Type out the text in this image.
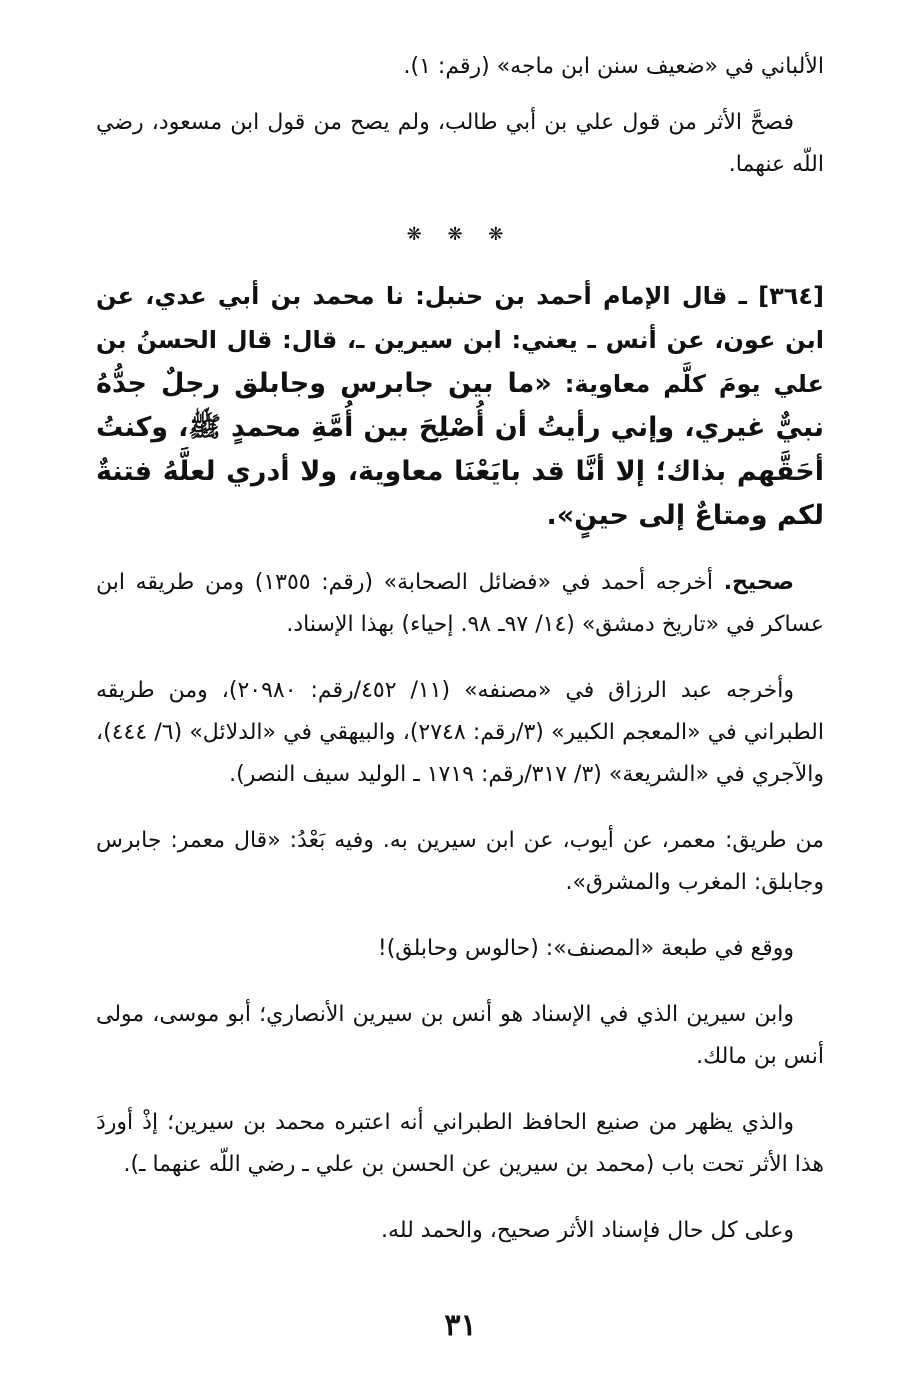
الألباني في «ضعيف سنن ابن ماجه» (رقم: ١).

فصحَّ الأثر من قول علي بن أبي طالب، ولم يصح من قول ابن مسعود، رضي اللّه عنهما.

❋ ❋ ❋

[٣٦٤] ـ قال الإمام أحمد بن حنبل: نا محمد بن أبي عدي، عن ابن عون، عن أنس ـ يعني: ابن سيرين ـ، قال: قال الحسنُ بن علي يومَ كلَّم معاوية: «ما بين جابرس وجابلق رجلٌ جدُّهُ نبيٌّ غيري، وإني رأيتُ أن أُصْلِحَ بين أُمَّةِ محمدٍ ﷺ، وكنتُ أحَقَّهم بذاك؛ إلا أنَّا قد بايَعْنَا معاوية، ولا أدري لعلَّهُ فتنةٌ لكم ومتاعٌ إلى حينٍ».

صحيح. أخرجه أحمد في «فضائل الصحابة» (رقم: ١٣٥٥) ومن طريقه ابن عساكر في «تاريخ دمشق» (١٤/ ٩٧ـ ٩٨. إحياء) بهذا الإسناد.

وأخرجه عبد الرزاق في «مصنفه» (١١/ ٤٥٢/رقم: ٢٠٩٨٠)، ومن طريقه الطبراني في «المعجم الكبير» (٣/رقم: ٢٧٤٨)، والبيهقي في «الدلائل» (٦/ ٤٤٤)، والآجري في «الشريعة» (٣/ ٣١٧/رقم: ١٧١٩ ـ الوليد سيف النصر).

من طريق: معمر، عن أيوب، عن ابن سيرين به. وفيه بَعْدُ: «قال معمر: جابرس وجابلق: المغرب والمشرق».

ووقع في طبعة «المصنف»: (حالوس وحابلق)!

وابن سيرين الذي في الإسناد هو أنس بن سيرين الأنصاري؛ أبو موسى، مولى أنس بن مالك.

والذي يظهر من صنيع الحافظ الطبراني أنه اعتبره محمد بن سيرين؛ إذْ أوردَ هذا الأثر تحت باب (محمد بن سيرين عن الحسن بن علي ـ رضي اللّه عنهما ـ).

وعلى كل حال فإسناد الأثر صحيح، والحمد لله.

٣١
